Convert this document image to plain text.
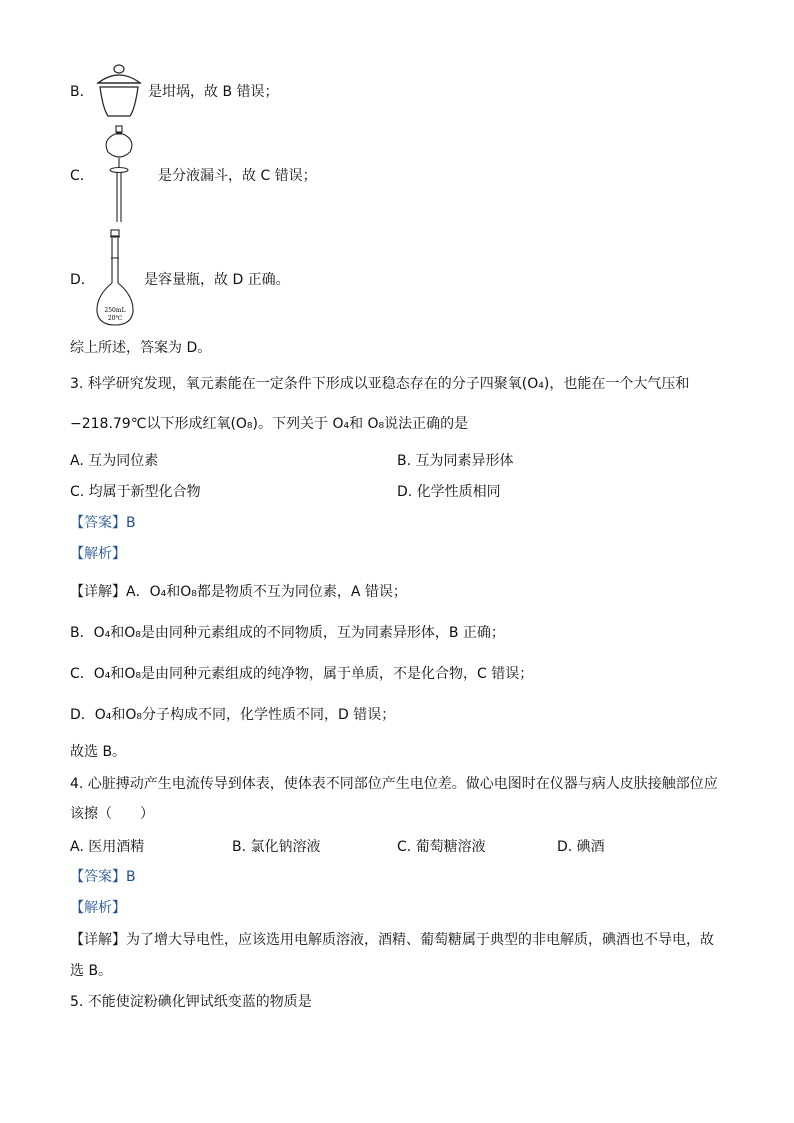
B．	是坩埚，故 B 错误；
C．	是分液漏斗，故 C 错误；
D．
250mL
20℃
是容量瓶，故 D 正确。
综上所述，答案为 D。
3. 科学研究发现，氧元素能在一定条件下形成以亚稳态存在的分子四聚氧(O₄)，也能在一个大气压和
−218.79℃以下形成红氧(O₈)。下列关于 O₄和 O₈说法正确的是
A. 互为同位素	B. 互为同素异形体
C. 均属于新型化合物	D. 化学性质相同
【答案】B
【解析】
【详解】A．O₄和O₈都是物质不互为同位素，A 错误；
B．O₄和O₈是由同种元素组成的不同物质，互为同素异形体，B 正确；
C．O₄和O₈是由同种元素组成的纯净物，属于单质，不是化合物，C 错误；
D．O₄和O₈分子构成不同，化学性质不同，D 错误；
故选 B。
4. 心脏搏动产生电流传导到体表，使体表不同部位产生电位差。做心电图时在仪器与病人皮肤接触部位应
该擦（　　）
A. 医用酒精	B. 氯化钠溶液	C. 葡萄糖溶液	D. 碘酒
【答案】B
【解析】
【详解】为了增大导电性，应该选用电解质溶液，酒精、葡萄糖属于典型的非电解质，碘酒也不导电，故
选 B。
5. 不能使淀粉碘化钾试纸变蓝的物质是
